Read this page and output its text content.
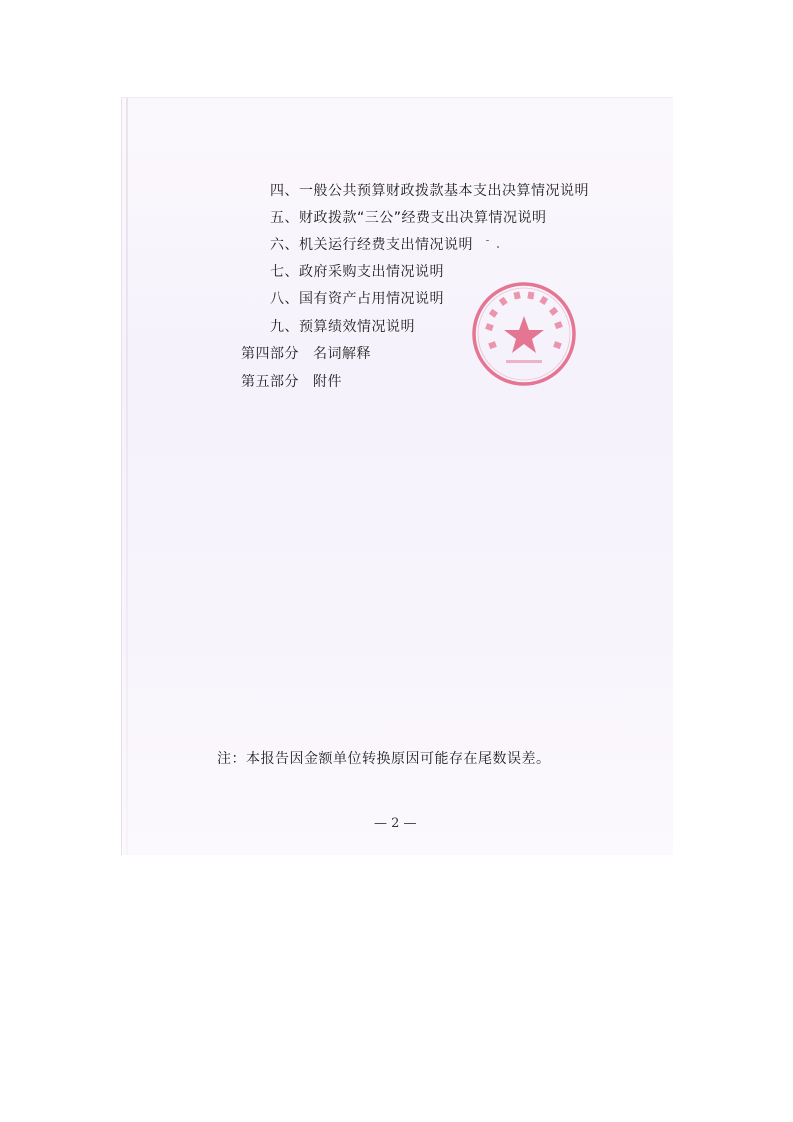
四、一般公共预算财政拨款基本支出决算情况说明
五、财政拨款“三公”经费支出决算情况说明
六、机关运行经费支出情况说明
七、政府采购支出情况说明
八、国有资产占用情况说明
九、预算绩效情况说明
第四部分 名词解释
第五部分 附件
注：本报告因金额单位转换原因可能存在尾数误差。
— 2 —
